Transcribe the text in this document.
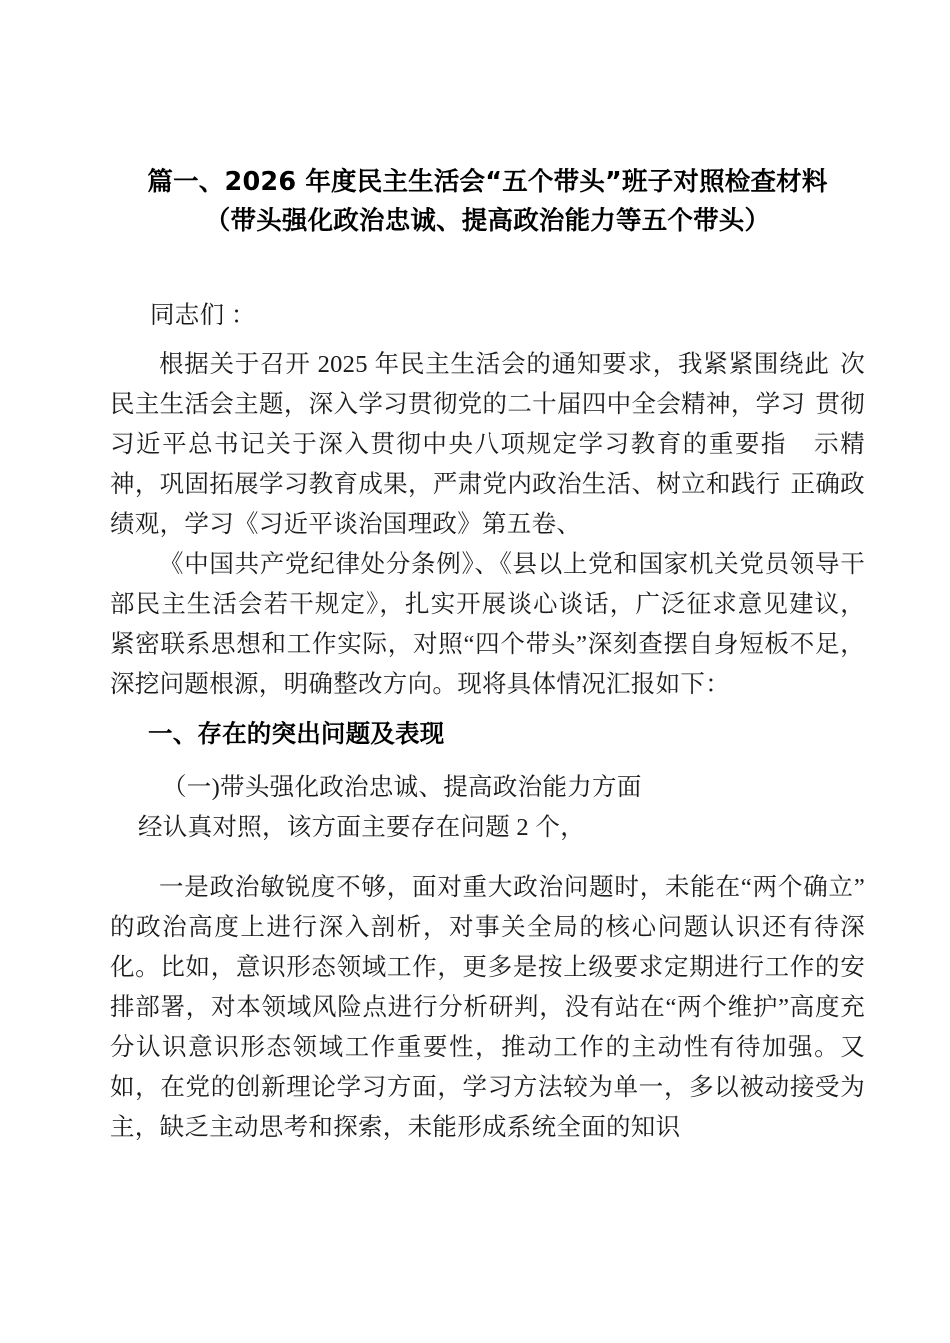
篇一、2026 年度民主生活会“五个带头”班子对照检查材料
（带头强化政治忠诚、提高政治能力等五个带头）

同志们 ：

根据关于召开 2025 年民主生活会的通知要求，我紧紧围绕此 次民主生活会主题，深入学习贯彻党的二十届四中全会精神，学习 贯彻习近平总书记关于深入贯彻中央八项规定学习教育的重要指 示精神，巩固拓展学习教育成果，严肃党内政治生活、树立和践行 正确政绩观，学习《习近平谈治国理政》第五卷、

《中国共产党纪律处分条例》、《县以上党和国家机关党员领导干部民主生活会若干规定》，扎实开展谈心谈话，广泛征求意见建议，紧密联系思想和工作实际，对照“四个带头”深刻查摆自身短板不足，深挖问题根源，明确整改方向。现将具体情况汇报如下：

一、存在的突出问题及表现

（一)带头强化政治忠诚、提高政治能力方面

经认真对照，该方面主要存在问题 2 个，

一是政治敏锐度不够，面对重大政治问题时，未能在“两个确立”的政治高度上进行深入剖析，对事关全局的核心问题认识还有待深化。比如，意识形态领域工作，更多是按上级要求定期进行工作的安排部署，对本领域风险点进行分析研判，没有站在“两个维护”高度充分认识意识形态领域工作重要性，推动工作的主动性有待加强。又如，在党的创新理论学习方面，学习方法较为单一，多以被动接受为主，缺乏主动思考和探索，未能形成系统全面的知识
